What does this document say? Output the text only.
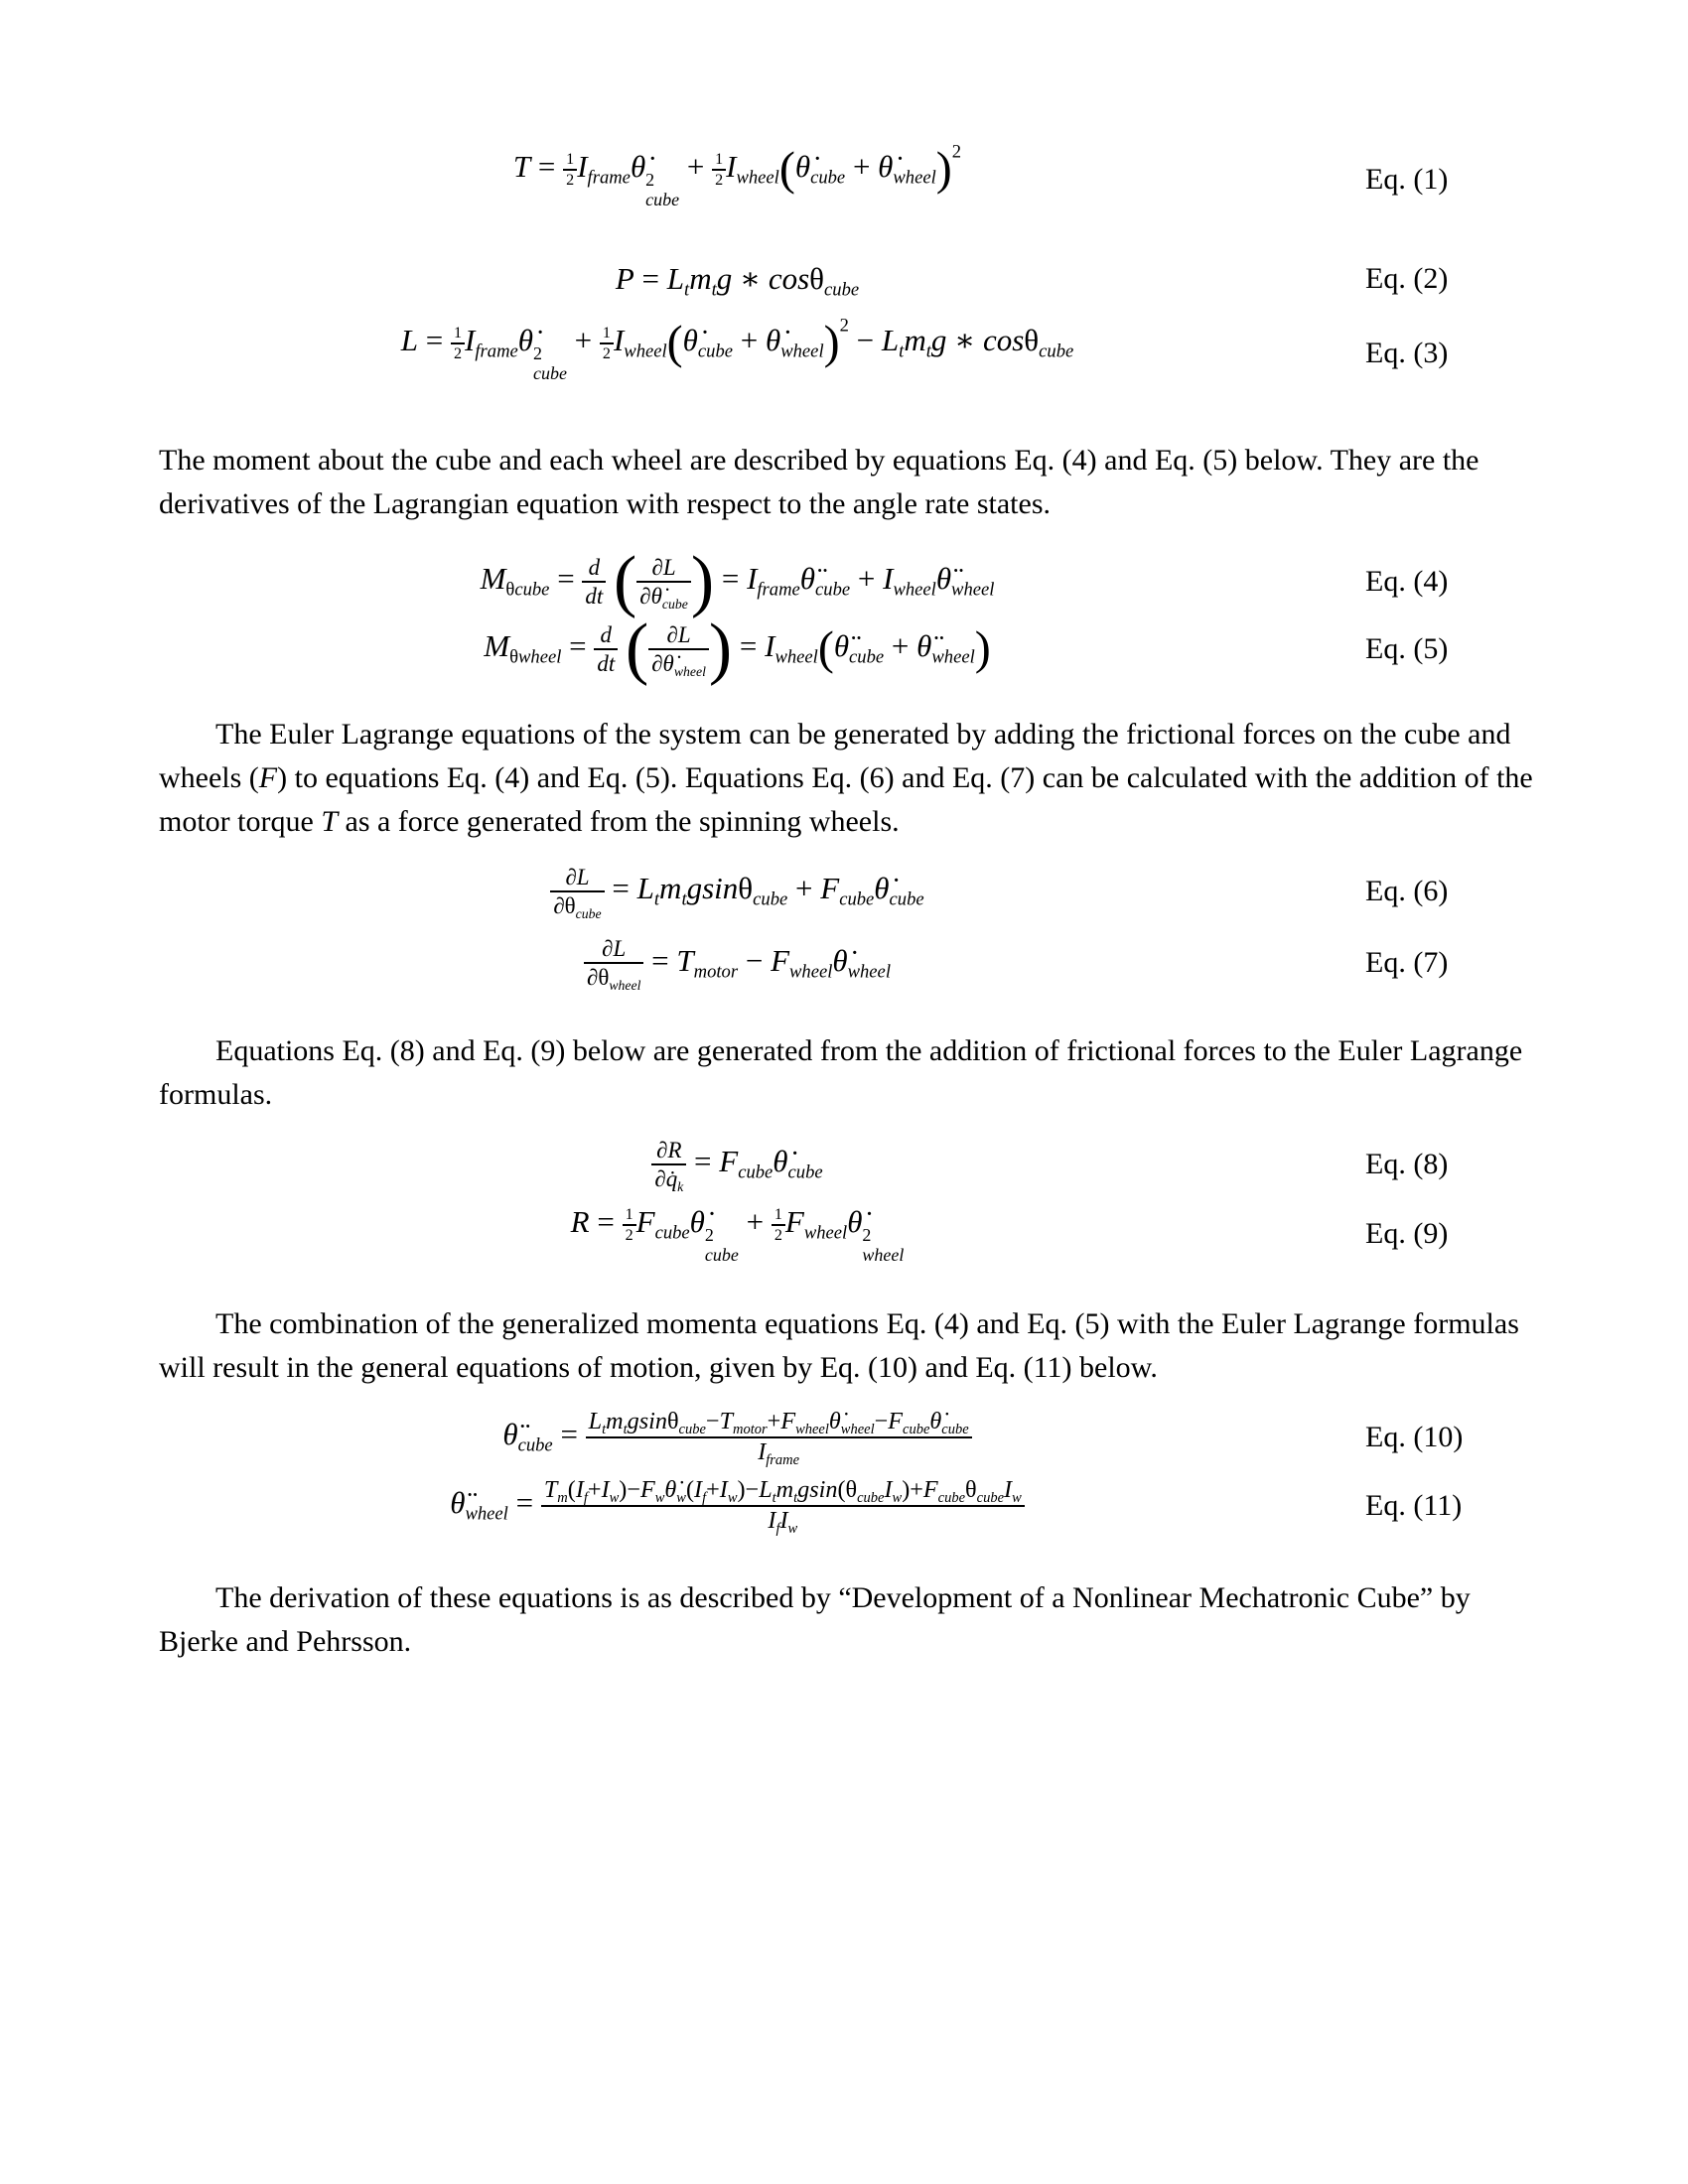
$T = \frac{1}{2}$ $I_{frame}\thetȧ$ 2
cube
+ $\frac{1}{2}$ $I_{wheel}(\thetȧ_{cube}$ + $\thetȧ_{wheel})^2$
Eq. (1)
$P = L_tm_tg$ ∗ cosθ$_{cube}$	Eq. (2)
$L = \frac{1}{2}$ $I_{frame}\thetȧ$ 2
cube
+ $\frac{1}{2}$ $I_{wheel}(\thetȧ_{cube}$ + $\thetȧ_{wheel})^2 - L_tm_tg$ ∗ cosθ$_{cube}$	Eq. (3)

The moment about the cube and each wheel are described by equations Eq. (4) and Eq. (5) below. They are the derivatives of the Lagrangian equation with respect to the angle rate states.

$M_{\theta cube} = \frac{d}{dt}$ ( ∂L
$\partial\thetȧ_{cube}$ ) = $I_{frame}\thetä_{cube}$ + $I_{wheel}\thetä_{wheel}$	Eq. (4)
$M_{\theta wheel} = \frac{d}{dt}$ ( ∂L
$\partial\thetȧ_{wheel}$ ) = $I_{wheel}(\thetä_{cube}$ + $\thetä_{wheel}$)	Eq. (5)

The Euler Lagrange equations of the system can be generated by adding the frictional forces on the cube and wheels (F) to equations Eq. (4) and Eq. (5). Equations Eq. (6) and Eq. (7) can be calculated with the addition of the motor torque T as a force generated from the spinning wheels.

∂L
$\partial\theta_{cube}$
= $L_tm_tgsin\theta_{cube}$ + $F_{cube}\thetȧ_{cube}$	Eq. (6)
∂L
$\partial\theta_{wheel}$
= $T_{motor}$ − $F_{wheel}\thetȧ_{wheel}$	Eq. (7)

Equations Eq. (8) and Eq. (9) below are generated from the addition of frictional forces to the Euler Lagrange formulas.

$\frac{\partial R}{\partial q̇_k}$ = $F_{cube}\thetȧ_{cube}$	Eq. (8)
$R = \frac{1}{2}$ $F_{cube}\thetȧ$ 2
cube
+ $\frac{1}{2}$ $F_{wheel}\thetȧ$ 2
wheel
Eq. (9)

The combination of the generalized momenta equations Eq. (4) and Eq. (5) with the Euler Lagrange formulas will result in the general equations of motion, given by Eq. (10) and Eq. (11) below.

$\thetä_{cube}$ = $L_tm_tgsin\theta_{cube}-T_{motor}+F_{wheel}\thetȧ_{wheel}-F_{cube}\thetȧ_{cube}$
$I_{frame}$
Eq. (10)
$\thetä_{wheel}$ = $T_m(I_f+I_w)-F_w\thetȧ_w(I_f+I_w)-L_tm_tgsin(\theta_{cube}I_w)+F_{cube}\theta_{cube}I_w$
$I_fI_w$
Eq. (11)

The derivation of these equations is as described by “Development of a Nonlinear Mechatronic Cube” by Bjerke and Pehrsson.
